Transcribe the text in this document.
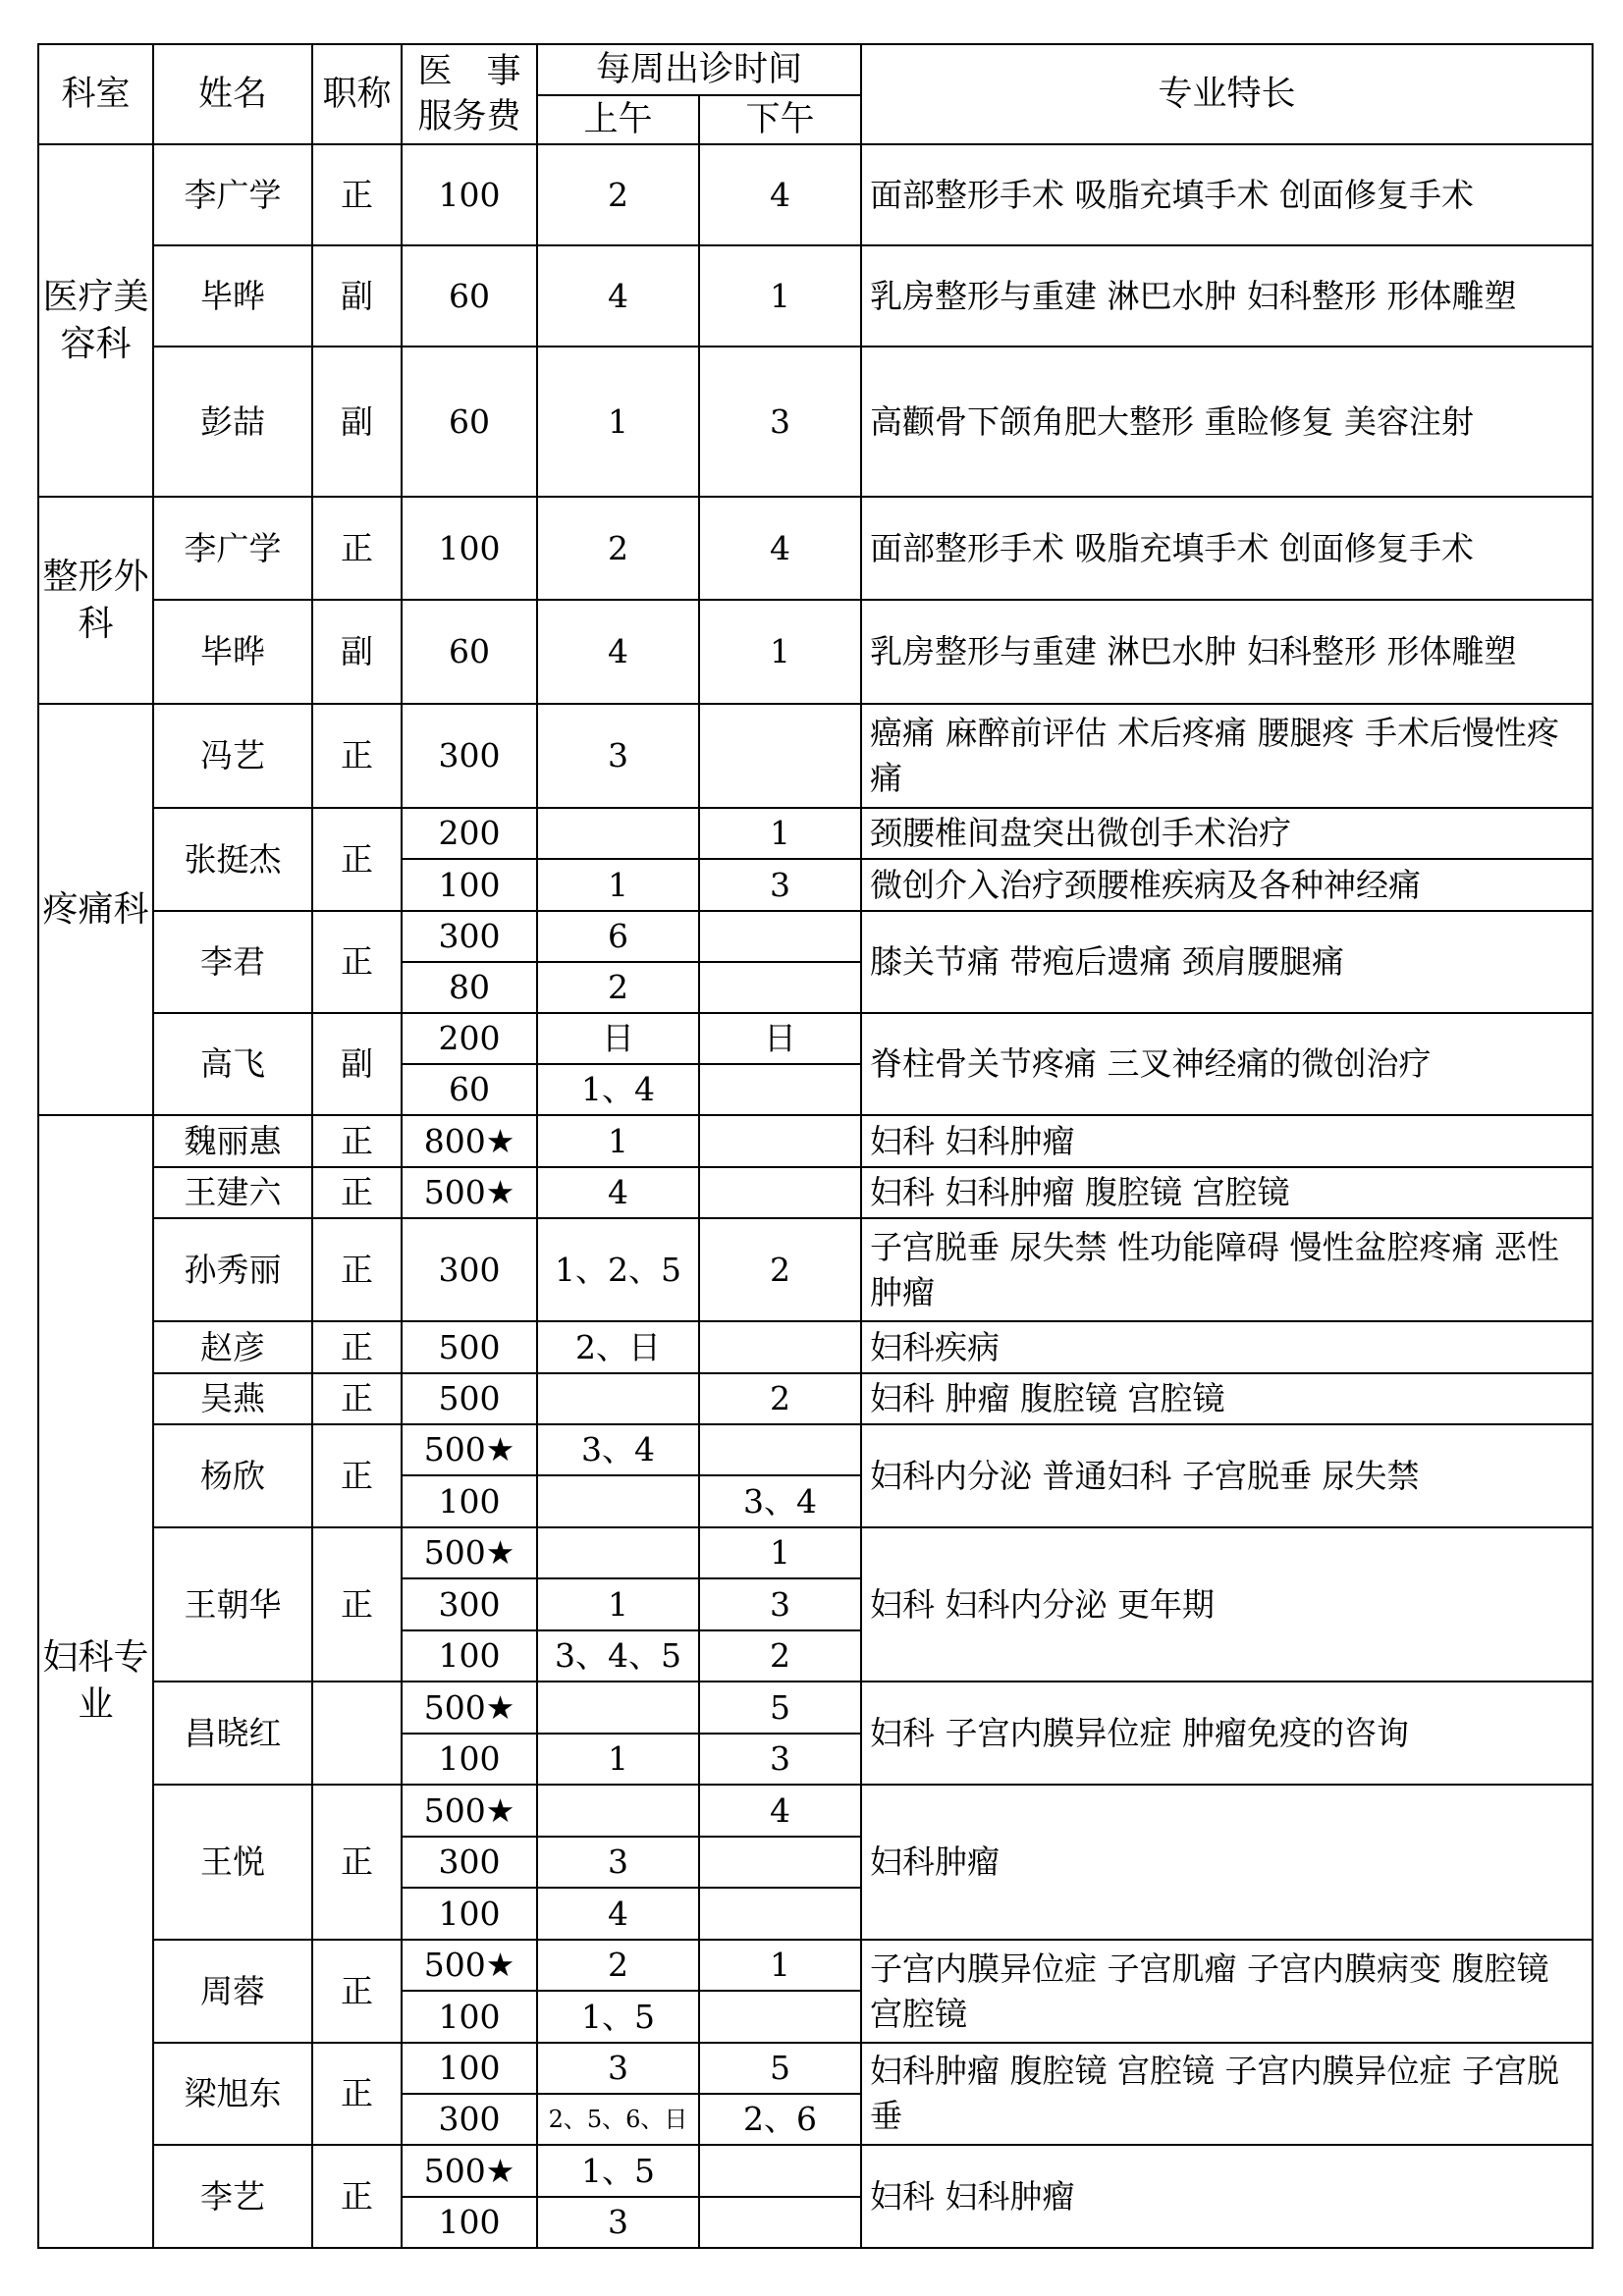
科室	姓名	职称	医　事
服务费	每周出诊时间		专业特长
				上午	下午	
医疗美容科	李广学	正	100	2	4	面部整形手术 吸脂充填手术 创面修复手术
	毕晔	副	60	4	1	乳房整形与重建 淋巴水肿 妇科整形 形体雕塑
	彭喆	副	60	1	3	高颧骨下颌角肥大整形 重睑修复 美容注射
整形外科	李广学	正	100	2	4	面部整形手术 吸脂充填手术 创面修复手术
	毕晔	副	60	4	1	乳房整形与重建 淋巴水肿 妇科整形 形体雕塑
疼痛科	冯艺	正	300	3		癌痛 麻醉前评估 术后疼痛 腰腿疼 手术后慢性疼痛
	张挺杰	正	200		1	颈腰椎间盘突出微创手术治疗
			100	1	3	微创介入治疗颈腰椎疾病及各种神经痛
	李君	正	300	6		膝关节痛 带疱后遗痛 颈肩腰腿痛
			80	2		
	高飞	副	200	日	日	脊柱骨关节疼痛 三叉神经痛的微创治疗
			60	1、4		
妇科专业	魏丽惠	正	800★	1		妇科 妇科肿瘤
	王建六	正	500★	4		妇科 妇科肿瘤 腹腔镜 宫腔镜
	孙秀丽	正	300	1、2、5	2	子宫脱垂 尿失禁 性功能障碍 慢性盆腔疼痛 恶性肿瘤
	赵彦	正	500	2、日		妇科疾病
	吴燕	正	500		2	妇科 肿瘤 腹腔镜 宫腔镜
	杨欣	正	500★	3、4		妇科内分泌 普通妇科 子宫脱垂 尿失禁
			100		3、4	
	王朝华	正	500★		1	妇科 妇科内分泌 更年期
			300	1	3	
			100	3、4、5	2	
	昌晓红		500★		5	妇科 子宫内膜异位症 肿瘤免疫的咨询
			100	1	3	
	王悦	正	500★		4	妇科肿瘤
			300	3		
			100	4		
	周蓉	正	500★	2	1	子宫内膜异位症 子宫肌瘤 子宫内膜病变 腹腔镜 宫腔镜
			100	1、5		
	梁旭东	正	100	3	5	妇科肿瘤 腹腔镜 宫腔镜 子宫内膜异位症 子宫脱垂
			300	2、5、6、日	2、6	
	李艺	正	500★	1、5		妇科 妇科肿瘤
			100	3		
